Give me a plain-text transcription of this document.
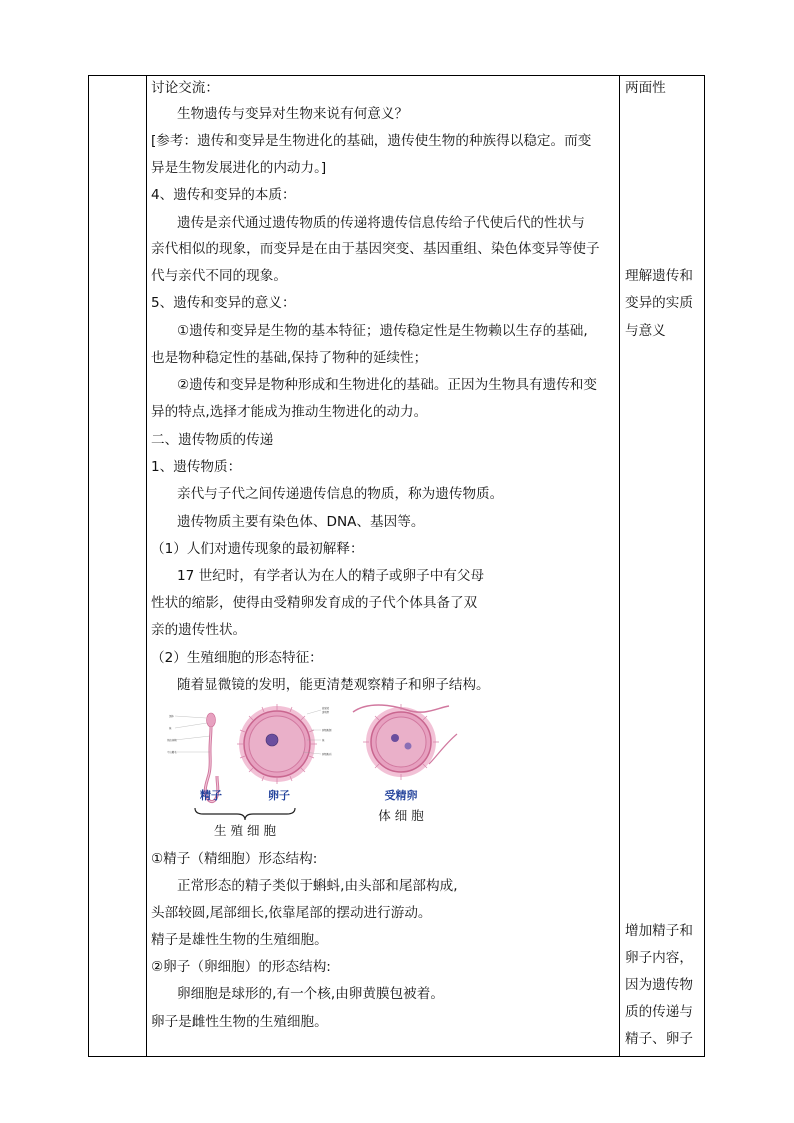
讨论交流：
生物遗传与变异对生物来说有何意义？
[参考：遗传和变异是生物进化的基础，遗传使生物的种族得以稳定。而变
异是生物发展进化的内动力。]
4、遗传和变异的本质：
遗传是亲代通过遗传物质的传递将遗传信息传给子代使后代的性状与
亲代相似的现象，而变异是在由于基因突变、基因重组、染色体变异等使子
代与亲代不同的现象。
5、遗传和变异的意义：
①遗传和变异是生物的基本特征；遗传稳定性是生物赖以生存的基础,
也是物种稳定性的基础,保持了物种的延续性；
②遗传和变异是物种形成和生物进化的基础。正因为生物具有遗传和变
异的特点,选择才能成为推动生物进化的动力。
二、遗传物质的传递
1、遗传物质：
亲代与子代之间传递遗传信息的物质，称为遗传物质。
遗传物质主要有染色体、DNA、基因等。
（1）人们对遗传现象的最初解释：
17 世纪时，有学者认为在人的精子或卵子中有父母
性状的缩影，使得由受精卵发育成的子代个体具备了双
亲的遗传性状。
（2）生殖细胞的形态特征：
随着显微镜的发明，能更清楚观察精子和卵子结构。
顶体
核
线粒体鞘
中央鞭毛
放射冠
透明带
卵细胞膜
核
卵细胞质
精子	卵子	受精卵
生 殖 细 胞
体 细 胞
①精子（精细胞）形态结构:
正常形态的精子类似于蝌蚪,由头部和尾部构成,
头部较圆,尾部细长,依靠尾部的摆动进行游动。
精子是雄性生物的生殖细胞。
②卵子（卵细胞）的形态结构:
卵细胞是球形的,有一个核,由卵黄膜包被着。
卵子是雌性生物的生殖细胞。
两面性
理解遗传和
变异的实质
与意义
增加精子和
卵子内容，
因为遗传物
质的传递与
精子、卵子
